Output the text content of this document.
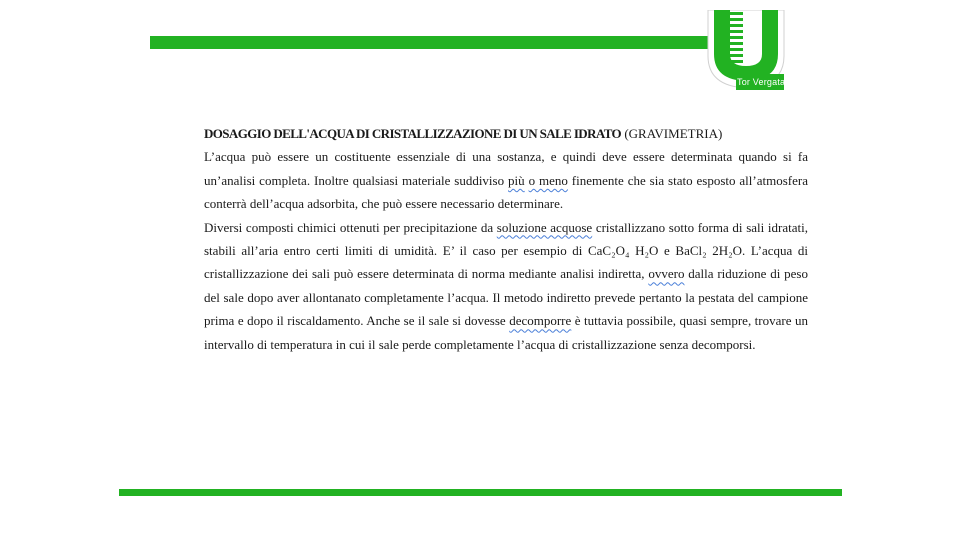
Tor Vergata

DOSAGGIO DELL'ACQUA DI CRISTALLIZZAZIONE DI UN SALE IDRATO (GRAVIMETRIA)

L’acqua può essere un costituente essenziale di una sostanza, e quindi deve essere determinata quando si fa un’analisi completa. Inoltre qualsiasi materiale suddiviso più o meno finemente che sia stato esposto all’atmosfera conterrà dell’acqua adsorbita, che può essere necessario determinare.

Diversi composti chimici ottenuti per precipitazione da soluzione acquose cristallizzano sotto forma di sali idratati, stabili all’aria entro certi limiti di umidità. E’ il caso per esempio di CaC₂O₄ H₂O e BaCl₂ 2H₂O. L’acqua di cristallizzazione dei sali può essere determinata di norma mediante analisi indiretta, ovvero dalla riduzione di peso del sale dopo aver allontanato completamente l’acqua. Il metodo indiretto prevede pertanto la pestata del campione prima e dopo il riscaldamento. Anche se il sale si dovesse decomporre è tuttavia possibile, quasi sempre, trovare un intervallo di temperatura in cui il sale perde completamente l’acqua di cristallizzazione senza decomporsi.
